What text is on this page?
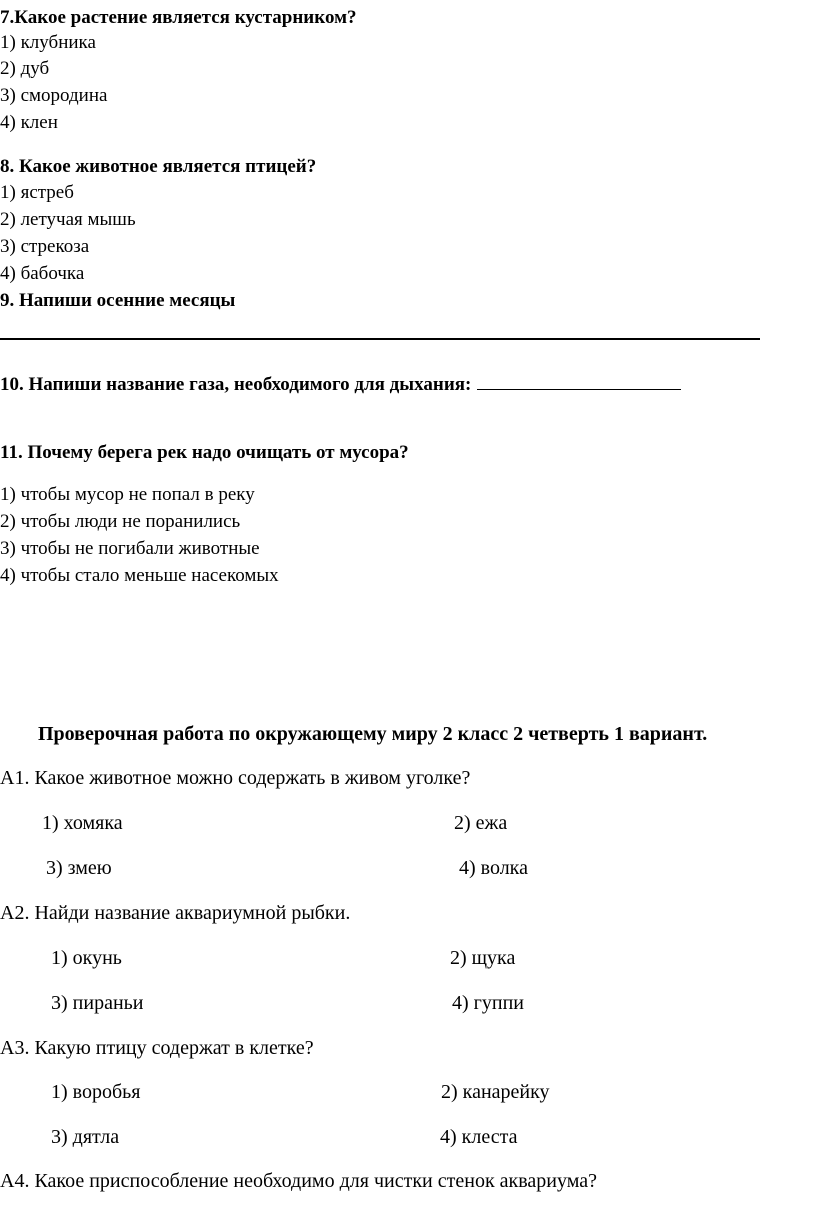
7.Какое растение является кустарником?
1) клубника
2) дуб
3) смородина
4) клен
8. Какое животное является птицей?
1) ястреб
2) летучая мышь
3) стрекоза
4) бабочка
9. Напиши осенние месяцы
10. Напиши название газа, необходимого для дыхания:
11. Почему берега рек надо очищать от мусора?
1) чтобы мусор не попал в реку
2) чтобы люди не поранились
3) чтобы не погибали животные
4) чтобы стало меньше насекомых
Проверочная работа по окружающему миру 2 класс 2 четверть 1 вариант.
А1. Какое животное можно содержать в живом уголке?
1) хомяка	2) ежа
3) змею	4) волка
А2. Найди название аквариумной рыбки.
1) окунь	2) щука
3) пираньи	4) гуппи
А3. Какую птицу содержат в клетке?
1) воробья	2) канарейку
3) дятла	4) клеста
А4. Какое приспособление необходимо для чистки стенок аквариума?
